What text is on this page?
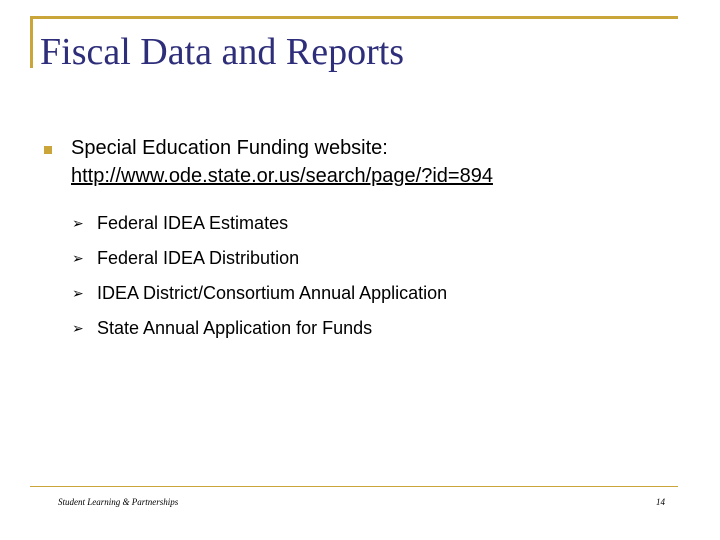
Fiscal Data and Reports
Special Education Funding website:
http://www.ode.state.or.us/search/page/?id=894
➢ Federal IDEA Estimates
➢ Federal IDEA Distribution
➢ IDEA District/Consortium Annual Application
➢ State Annual Application for Funds
Student Learning & Partnerships	14
